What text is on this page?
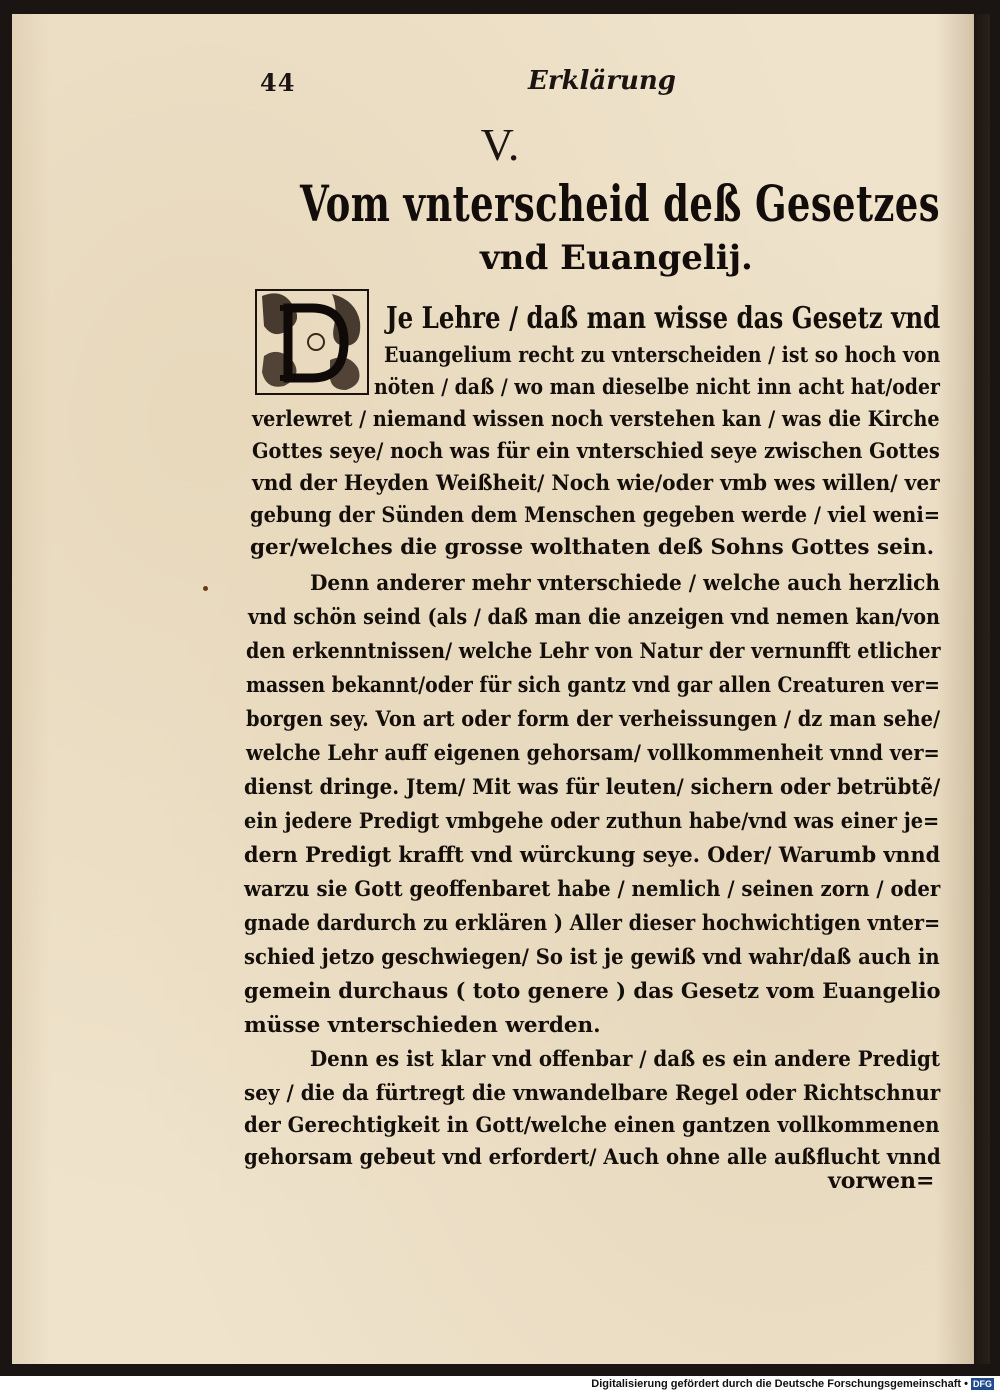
44	Erklärung
V.
Vom vnterscheid deß Gesetzes
vnd Euangelij.
Je Lehre / daß man wisse das Gesetz vnd
Euangelium recht zu vnterscheiden / ist so hoch von
nöten / daß / wo man dieselbe nicht inn acht hat/oder
verlewret / niemand wissen noch verstehen kan / was die Kirche
Gottes seye/ noch was für ein vnterschied seye zwischen Gottes
vnd der Heyden Weißheit/ Noch wie/oder vmb wes willen/ ver
gebung der Sünden dem Menschen gegeben werde / viel weni=
ger/welches die grosse wolthaten deß Sohns Gottes sein.
Denn anderer mehr vnterschiede / welche auch herzlich
vnd schön seind (als / daß man die anzeigen vnd nemen kan/von
den erkenntnissen/ welche Lehr von Natur der vernunfft etlicher
massen bekannt/oder für sich gantz vnd gar allen Creaturen ver=
borgen sey. Von art oder form der verheissungen / dz man sehe/
welche Lehr auff eigenen gehorsam/ vollkommenheit vnnd ver=
dienst dringe. Jtem/ Mit was für leuten/ sichern oder betrübtẽ/
ein jedere Predigt vmbgehe oder zuthun habe/vnd was einer je=
dern Predigt krafft vnd würckung seye. Oder/ Warumb vnnd
warzu sie Gott geoffenbaret habe / nemlich / seinen zorn / oder
gnade dardurch zu erklären ) Aller dieser hochwichtigen vnter=
schied jetzo geschwiegen/ So ist je gewiß vnd wahr/daß auch in
gemein durchaus ( toto genere ) das Gesetz vom Euangelio
müsse vnterschieden werden.
Denn es ist klar vnd offenbar / daß es ein andere Predigt
sey / die da fürtregt die vnwandelbare Regel oder Richtschnur
der Gerechtigkeit in Gott/welche einen gantzen vollkommenen
gehorsam gebeut vnd erfordert/ Auch ohne alle außflucht vnnd
vorwen=
Digitalisierung gefördert durch die Deutsche Forschungsgemeinschaft • DFG
